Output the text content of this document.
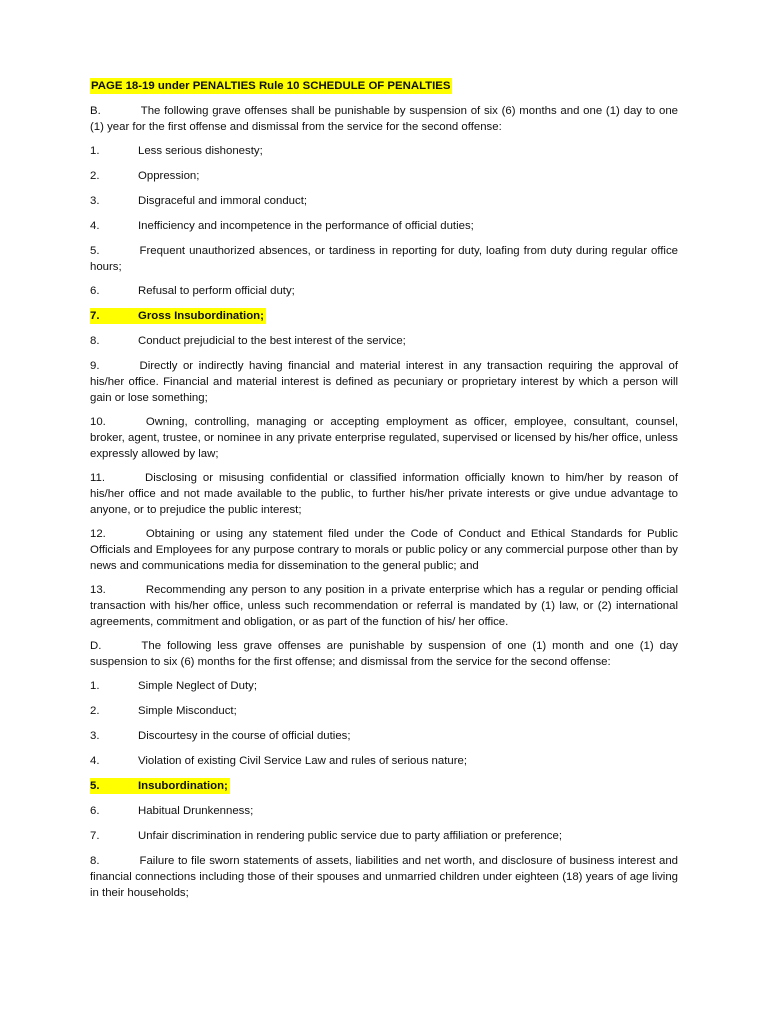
PAGE 18-19 under PENALTIES Rule 10 SCHEDULE OF PENALTIES

B.	The following grave offenses shall be punishable by suspension of six (6) months and one (1) day to one (1) year for the first offense and dismissal from the service for the second offense:

1.	Less serious dishonesty;
2.	Oppression;
3.	Disgraceful and immoral conduct;
4.	Inefficiency and incompetence in the performance of official duties;

5.	Frequent unauthorized absences, or tardiness in reporting for duty, loafing from duty during regular office hours;

6.	Refusal to perform official duty;
7.	Gross Insubordination;
8.	Conduct prejudicial to the best interest of the service;

9.	Directly or indirectly having financial and material interest in any transaction requiring the approval of his/her office. Financial and material interest is defined as pecuniary or proprietary interest by which a person will gain or lose something;

10.	Owning, controlling, managing or accepting employment as officer, employee, consultant, counsel, broker, agent, trustee, or nominee in any private enterprise regulated, supervised or licensed by his/her office, unless expressly allowed by law;

11.	Disclosing or misusing confidential or classified information officially known to him/her by reason of his/her office and not made available to the public, to further his/her private interests or give undue advantage to anyone, or to prejudice the public interest;

12.	Obtaining or using any statement filed under the Code of Conduct and Ethical Standards for Public Officials and Employees for any purpose contrary to morals or public policy or any commercial purpose other than by news and communications media for dissemination to the general public; and

13.	Recommending any person to any position in a private enterprise which has a regular or pending official transaction with his/her office, unless such recommendation or referral is mandated by (1) law, or (2) international agreements, commitment and obligation, or as part of the function of his/ her office.

D.	The following less grave offenses are punishable by suspension of one (1) month and one (1) day suspension to six (6) months for the first offense; and dismissal from the service for the second offense:

1.	Simple Neglect of Duty;
2.	Simple Misconduct;
3.	Discourtesy in the course of official duties;
4.	Violation of existing Civil Service Law and rules of serious nature;
5.	Insubordination;
6.	Habitual Drunkenness;
7.	Unfair discrimination in rendering public service due to party affiliation or preference;

8.	Failure to file sworn statements of assets, liabilities and net worth, and disclosure of business interest and financial connections including those of their spouses and unmarried children under eighteen (18) years of age living in their households;
